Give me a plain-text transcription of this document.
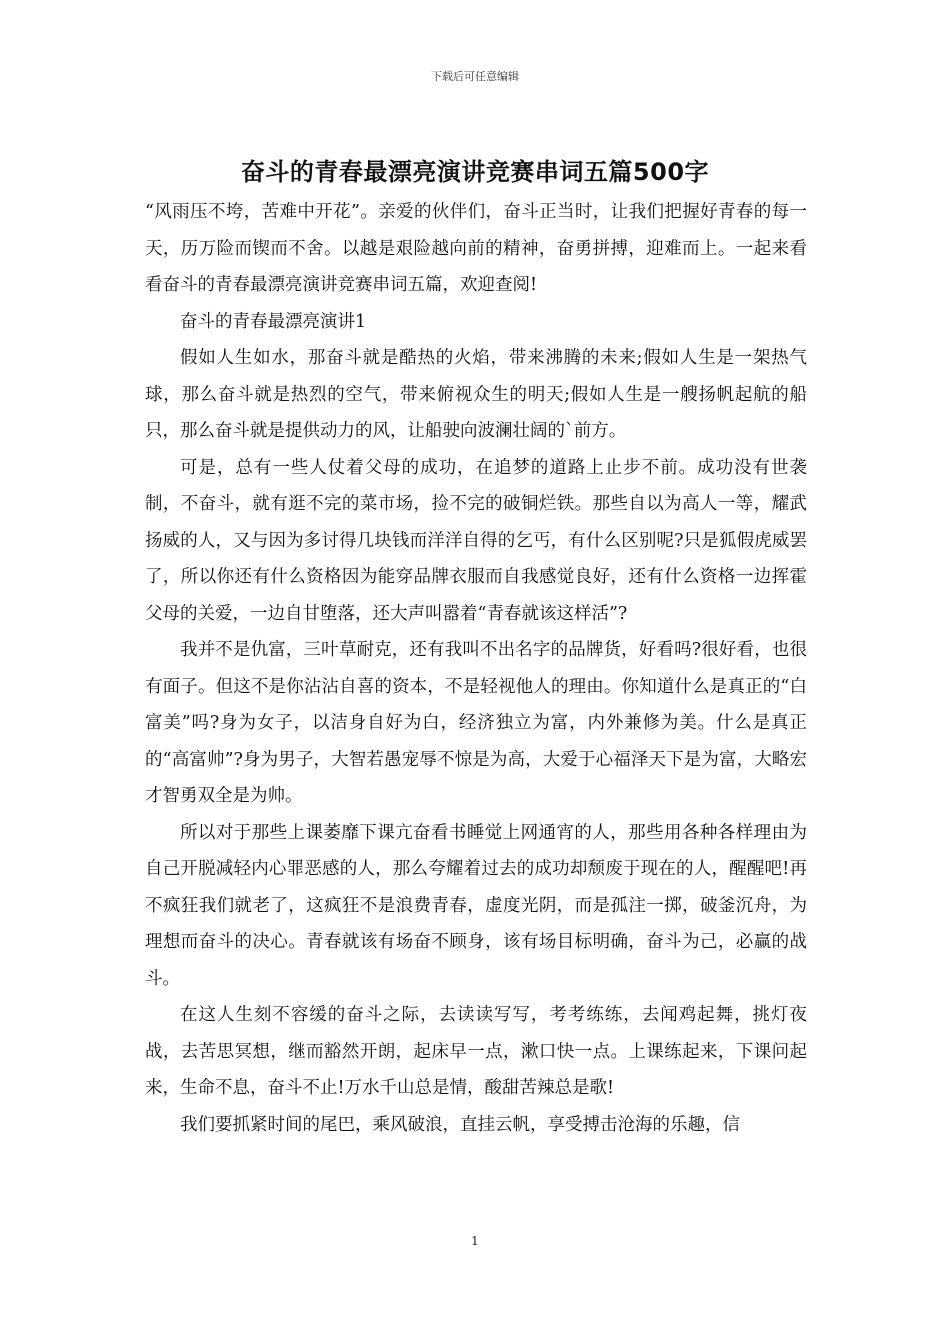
下载后可任意编辑
奋斗的青春最漂亮演讲竞赛串词五篇500字

“风雨压不垮，苦难中开花”。亲爱的伙伴们，奋斗正当时，让我们把握好青春的每一天，历万险而锲而不舍。以越是艰险越向前的精神，奋勇拼搏，迎难而上。一起来看看奋斗的青春最漂亮演讲竞赛串词五篇，欢迎查阅!

奋斗的青春最漂亮演讲1

假如人生如水，那奋斗就是酷热的火焰，带来沸腾的未来;假如人生是一架热气球，那么奋斗就是热烈的空气，带来俯视众生的明天;假如人生是一艘扬帆起航的船只，那么奋斗就是提供动力的风，让船驶向波澜壮阔的`前方。

可是，总有一些人仗着父母的成功，在追梦的道路上止步不前。成功没有世袭制，不奋斗，就有逛不完的菜市场，捡不完的破铜烂铁。那些自以为高人一等，耀武扬威的人，又与因为多讨得几块钱而洋洋自得的乞丐，有什么区别呢?只是狐假虎威罢了，所以你还有什么资格因为能穿品牌衣服而自我感觉良好，还有什么资格一边挥霍父母的关爱，一边自甘堕落，还大声叫嚣着“青春就该这样活”?

我并不是仇富，三叶草耐克，还有我叫不出名字的品牌货，好看吗?很好看，也很有面子。但这不是你沾沾自喜的资本，不是轻视他人的理由。你知道什么是真正的“白富美”吗?身为女子，以洁身自好为白，经济独立为富，内外兼修为美。什么是真正的“高富帅”?身为男子，大智若愚宠辱不惊是为高，大爱于心福泽天下是为富，大略宏才智勇双全是为帅。

所以对于那些上课萎靡下课亢奋看书睡觉上网通宵的人，那些用各种各样理由为自己开脱减轻内心罪恶感的人，那么夸耀着过去的成功却颓废于现在的人，醒醒吧!再不疯狂我们就老了，这疯狂不是浪费青春，虚度光阴，而是孤注一掷，破釜沉舟，为理想而奋斗的决心。青春就该有场奋不顾身，该有场目标明确，奋斗为己，必赢的战斗。

在这人生刻不容缓的奋斗之际，去读读写写，考考练练，去闻鸡起舞，挑灯夜战，去苦思冥想，继而豁然开朗，起床早一点，漱口快一点。上课练起来，下课问起来，生命不息，奋斗不止!万水千山总是情，酸甜苦辣总是歌!

我们要抓紧时间的尾巴，乘风破浪，直挂云帆，享受搏击沧海的乐趣，信

1
